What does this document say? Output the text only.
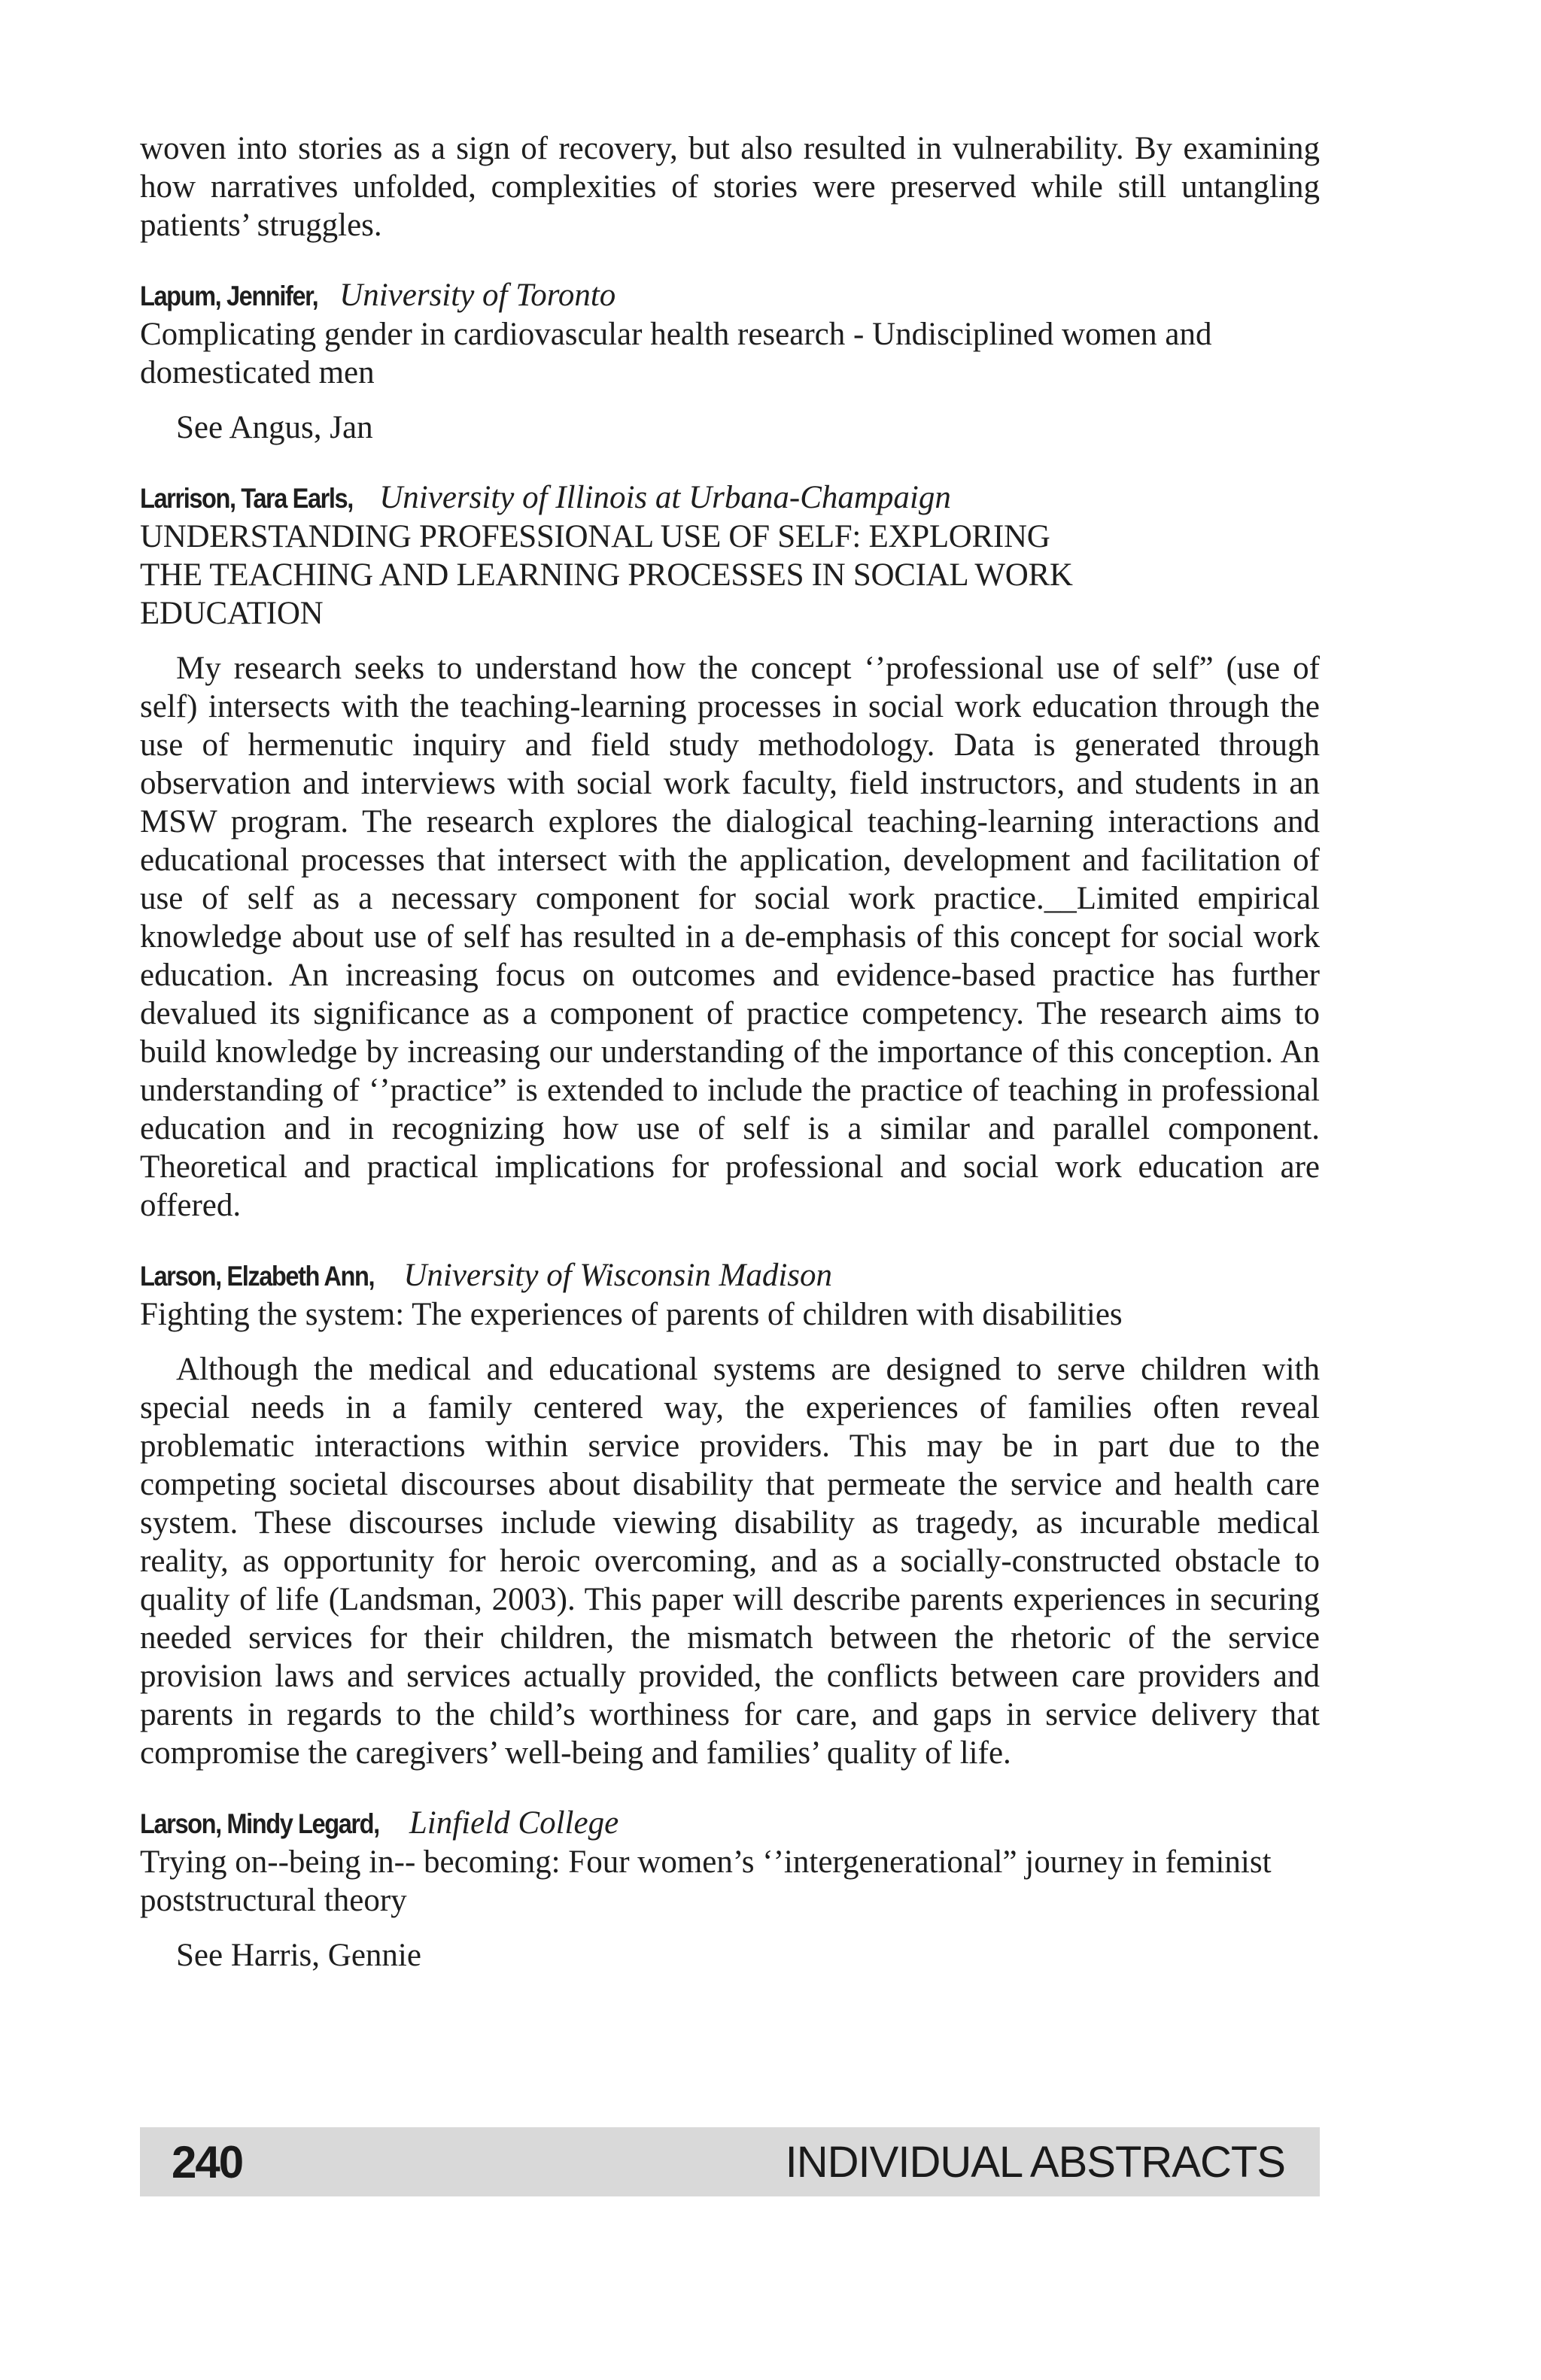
woven into stories as a sign of recovery, but also resulted in vulnerability. By examining how narratives unfolded, complexities of stories were preserved while still untangling patients’ struggles.

Lapum, Jennifer, University of Toronto

Complicating gender in cardiovascular health research - Undisciplined women and domesticated men

See Angus, Jan

Larrison, Tara Earls, University of Illinois at Urbana-Champaign

UNDERSTANDING PROFESSIONAL USE OF SELF: EXPLORING

THE TEACHING AND LEARNING PROCESSES IN SOCIAL WORK

EDUCATION

My research seeks to understand how the concept ‘’professional use of self” (use of self) intersects with the teaching-learning processes in social work education through the use of hermenutic inquiry and field study methodology. Data is generated through observation and interviews with social work faculty, field instructors, and students in an MSW program. The research explores the dialogical teaching-learning interactions and educational processes that intersect with the application, development and facilitation of use of self as a necessary component for social work practice.__Limited empirical knowledge about use of self has resulted in a de-emphasis of this concept for social work education. An increasing focus on outcomes and evidence-based practice has further devalued its significance as a component of practice competency. The research aims to build knowledge by increasing our understanding of the importance of this conception. An understanding of ‘’practice” is extended to include the practice of teaching in professional education and in recognizing how use of self is a similar and parallel component. Theoretical and practical implications for professional and social work education are offered.

Larson, Elzabeth Ann, University of Wisconsin Madison

Fighting the system: The experiences of parents of children with disabilities

Although the medical and educational systems are designed to serve children with special needs in a family centered way, the experiences of families often reveal problematic interactions within service providers. This may be in part due to the competing societal discourses about disability that permeate the service and health care system. These discourses include viewing disability as tragedy, as incurable medical reality, as opportunity for heroic overcoming, and as a socially-constructed obstacle to quality of life (Landsman, 2003). This paper will describe parents experiences in securing needed services for their children, the mismatch between the rhetoric of the service provision laws and services actually provided, the conflicts between care providers and parents in regards to the child’s worthiness for care, and gaps in service delivery that compromise the caregivers’ well-being and families’ quality of life.

Larson, Mindy Legard, Linfield College

Trying on--being in-- becoming: Four women’s ‘’intergenerational” journey in feminist poststructural theory

See Harris, Gennie

240	INDIVIDUAL ABSTRACTS
